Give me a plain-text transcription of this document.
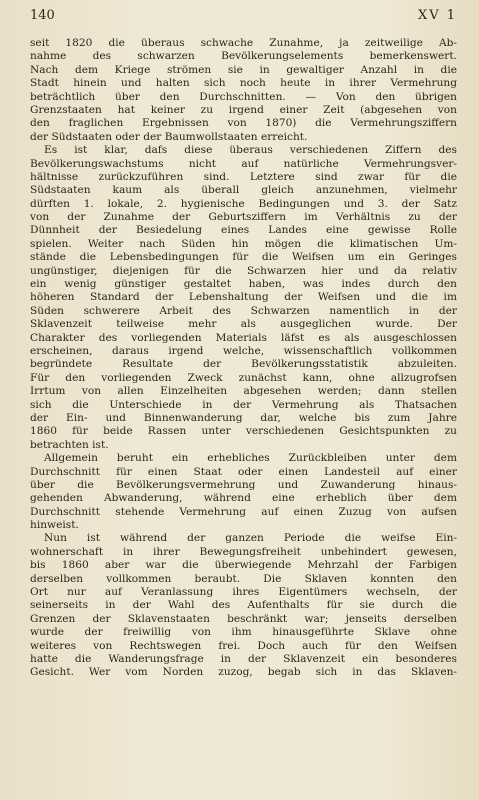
140	XV 1
seit 1820 die überaus schwache Zunahme, ja zeitweilige Ab-
nahme des schwarzen Bevölkerungselements bemerkenswert.
Nach dem Kriege strömen sie in gewaltiger Anzahl in die
Stadt hinein und halten sich noch heute in ihrer Vermehrung
beträchtlich über den Durchschnitten. — Von den übrigen
Grenzstaaten hat keiner zu irgend einer Zeit (abgesehen von
den fraglichen Ergebnissen von 1870) die Vermehrungsziffern
der Südstaaten oder der Baumwollstaaten erreicht.
Es ist klar, dafs diese überaus verschiedenen Ziffern des
Bevölkerungswachstums nicht auf natürliche Vermehrungsver-
hältnisse zurückzuführen sind. Letztere sind zwar für die
Südstaaten kaum als überall gleich anzunehmen, vielmehr
dürften 1. lokale, 2. hygienische Bedingungen und 3. der Satz
von der Zunahme der Geburtsziffern im Verhältnis zu der
Dünnheit der Besiedelung eines Landes eine gewisse Rolle
spielen. Weiter nach Süden hin mögen die klimatischen Um-
stände die Lebensbedingungen für die Weifsen um ein Geringes
ungünstiger, diejenigen für die Schwarzen hier und da relativ
ein wenig günstiger gestaltet haben, was indes durch den
höheren Standard der Lebenshaltung der Weifsen und die im
Süden schwerere Arbeit des Schwarzen namentlich in der
Sklavenzeit teilweise mehr als ausgeglichen wurde. Der
Charakter des vorliegenden Materials läfst es als ausgeschlossen
erscheinen, daraus irgend welche, wissenschaftlich vollkommen
begründete Resultate der Bevölkerungsstatistik abzuleiten.
Für den vorliegenden Zweck zunächst kann, ohne allzugrofsen
Irrtum von allen Einzelheiten abgesehen werden; dann stellen
sich die Unterschiede in der Vermehrung als Thatsachen
der Ein- und Binnenwanderung dar, welche bis zum Jahre
1860 für beide Rassen unter verschiedenen Gesichtspunkten zu
betrachten ist.
Allgemein beruht ein erhebliches Zurückbleiben unter dem
Durchschnitt für einen Staat oder einen Landesteil auf einer
über die Bevölkerungsvermehrung und Zuwanderung hinaus-
gehenden Abwanderung, während eine erheblich über dem
Durchschnitt stehende Vermehrung auf einen Zuzug von aufsen
hinweist.
Nun ist während der ganzen Periode die weifse Ein-
wohnerschaft in ihrer Bewegungsfreiheit unbehindert gewesen,
bis 1860 aber war die überwiegende Mehrzahl der Farbigen
derselben vollkommen beraubt. Die Sklaven konnten den
Ort nur auf Veranlassung ihres Eigentümers wechseln, der
seinerseits in der Wahl des Aufenthalts für sie durch die
Grenzen der Sklavenstaaten beschränkt war; jenseits derselben
wurde der freiwillig von ihm hinausgeführte Sklave ohne
weiteres von Rechtswegen frei. Doch auch für den Weifsen
hatte die Wanderungsfrage in der Sklavenzeit ein besonderes
Gesicht. Wer vom Norden zuzog, begab sich in das Sklaven-
